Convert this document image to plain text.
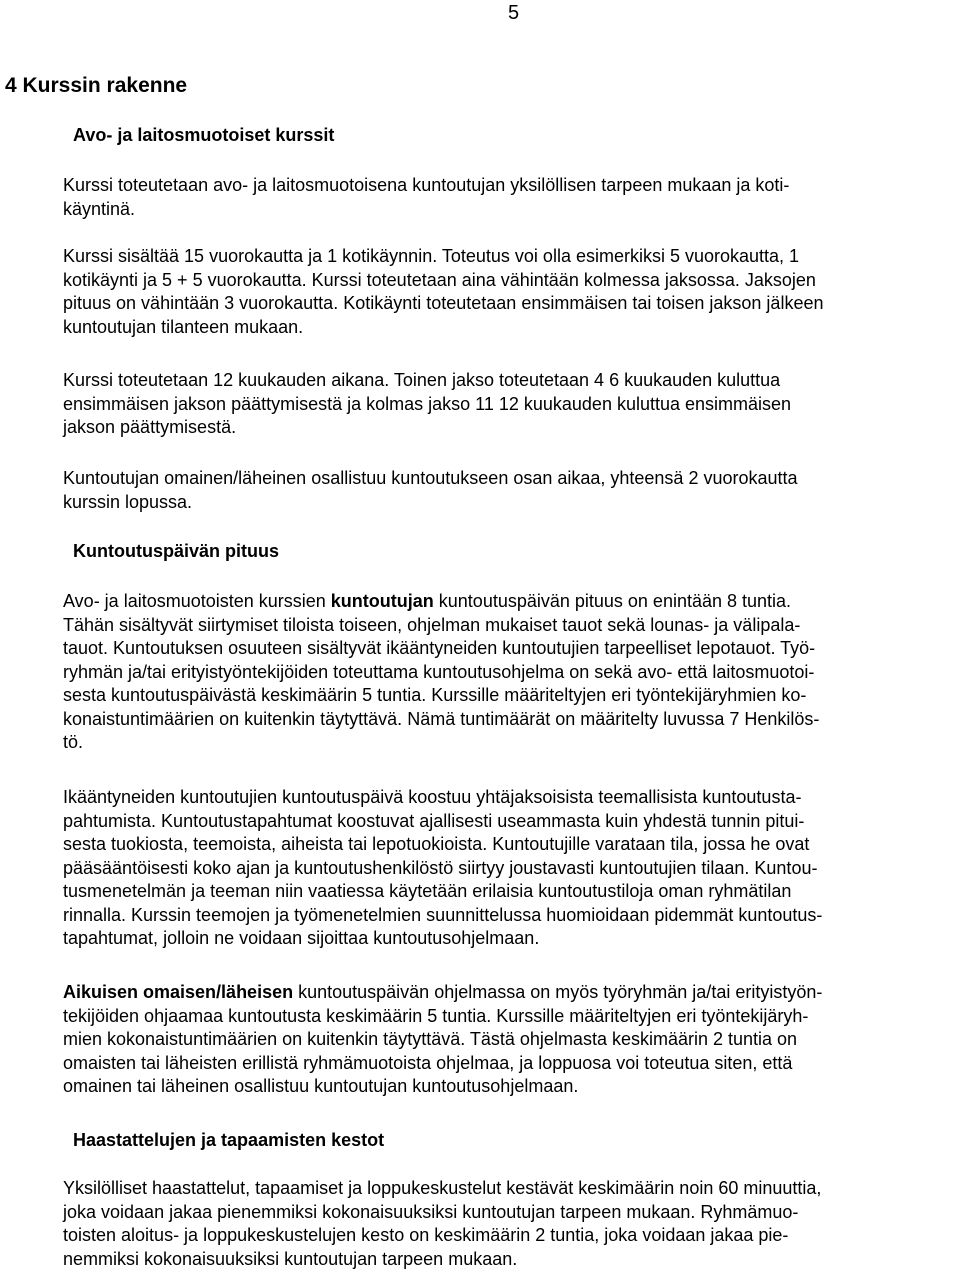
5
4 Kurssin rakenne
Avo- ja laitosmuotoiset kurssit

Kurssi toteutetaan avo- ja laitosmuotoisena kuntoutujan yksilöllisen tarpeen mukaan ja koti-
käyntinä.

Kurssi sisältää 15 vuorokautta ja 1 kotikäynnin. Toteutus voi olla esimerkiksi 5 vuorokautta, 1
kotikäynti ja 5 + 5 vuorokautta. Kurssi toteutetaan aina vähintään kolmessa jaksossa. Jaksojen
pituus on vähintään 3 vuorokautta. Kotikäynti toteutetaan ensimmäisen tai toisen jakson jälkeen
kuntoutujan tilanteen mukaan.

Kurssi toteutetaan 12 kuukauden aikana. Toinen jakso toteutetaan 4 6 kuukauden kuluttua
ensimmäisen jakson päättymisestä ja kolmas jakso 11 12 kuukauden kuluttua ensimmäisen
jakson päättymisestä.

Kuntoutujan omainen/läheinen osallistuu kuntoutukseen osan aikaa, yhteensä 2 vuorokautta
kurssin lopussa.

Kuntoutuspäivän pituus

Avo- ja laitosmuotoisten kurssien kuntoutujan kuntoutuspäivän pituus on enintään 8 tuntia.
Tähän sisältyvät siirtymiset tiloista toiseen, ohjelman mukaiset tauot sekä lounas- ja välipala-
tauot. Kuntoutuksen osuuteen sisältyvät ikääntyneiden kuntoutujien tarpeelliset lepotauot. Työ-
ryhmän ja/tai erityistyöntekijöiden toteuttama kuntoutusohjelma on sekä avo- että laitosmuotoi-
sesta kuntoutuspäivästä keskimäärin 5 tuntia. Kurssille määriteltyjen eri työntekijäryhmien ko-
konaistuntimäärien on kuitenkin täytyttävä. Nämä tuntimäärät on määritelty luvussa 7 Henkilös-
tö.

Ikääntyneiden kuntoutujien kuntoutuspäivä koostuu yhtäjaksoisista teemallisista kuntoutusta-
pahtumista. Kuntoutustapahtumat koostuvat ajallisesti useammasta kuin yhdestä tunnin pitui-
sesta tuokiosta, teemoista, aiheista tai lepotuokioista. Kuntoutujille varataan tila, jossa he ovat
pääsääntöisesti koko ajan ja kuntoutushenkilöstö siirtyy joustavasti kuntoutujien tilaan. Kuntou-
tusmenetelmän ja teeman niin vaatiessa käytetään erilaisia kuntoutustiloja oman ryhmätilan
rinnalla. Kurssin teemojen ja työmenetelmien suunnittelussa huomioidaan pidemmät kuntoutus-
tapahtumat, jolloin ne voidaan sijoittaa kuntoutusohjelmaan.

Aikuisen omaisen/läheisen kuntoutuspäivän ohjelmassa on myös työryhmän ja/tai erityistyön-
tekijöiden ohjaamaa kuntoutusta keskimäärin 5 tuntia. Kurssille määriteltyjen eri työntekijäryh-
mien kokonaistuntimäärien on kuitenkin täytyttävä. Tästä ohjelmasta keskimäärin 2 tuntia on
omaisten tai läheisten erillistä ryhmämuotoista ohjelmaa, ja loppuosa voi toteutua siten, että
omainen tai läheinen osallistuu kuntoutujan kuntoutusohjelmaan.

Haastattelujen ja tapaamisten kestot

Yksilölliset haastattelut, tapaamiset ja loppukeskustelut kestävät keskimäärin noin 60 minuuttia,
joka voidaan jakaa pienemmiksi kokonaisuuksiksi kuntoutujan tarpeen mukaan. Ryhmämuo-
toisten aloitus- ja loppukeskustelujen kesto on keskimäärin 2 tuntia, joka voidaan jakaa pie-
nemmiksi kokonaisuuksiksi kuntoutujan tarpeen mukaan.
